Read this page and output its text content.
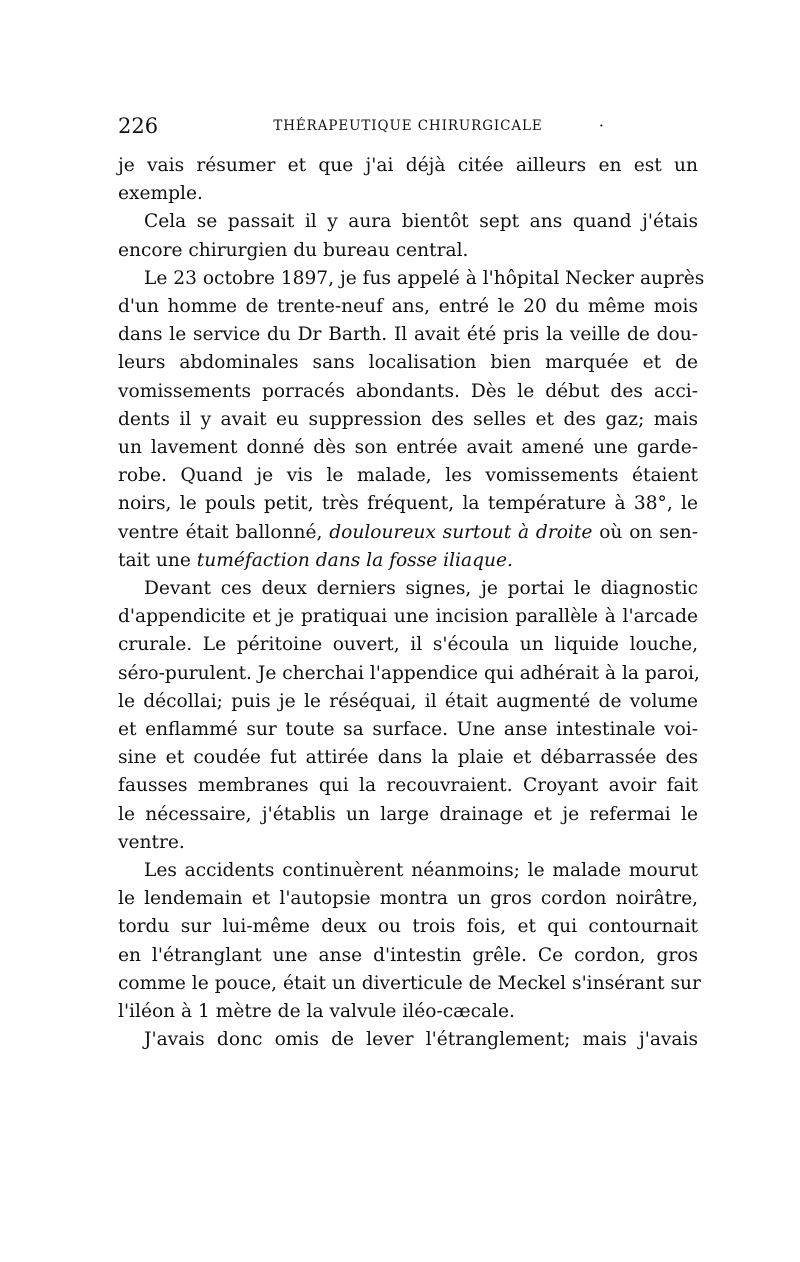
226	THÉRAPEUTIQUE CHIRURGICALE	·
je vais résumer et que j'ai déjà citée ailleurs en est un
exemple.
Cela se passait il y aura bientôt sept ans quand j'étais
encore chirurgien du bureau central.
Le 23 octobre 1897, je fus appelé à l'hôpital Necker auprès
d'un homme de trente-neuf ans, entré le 20 du même mois
dans le service du Dr Barth. Il avait été pris la veille de dou-
leurs abdominales sans localisation bien marquée et de
vomissements porracés abondants. Dès le début des acci-
dents il y avait eu suppression des selles et des gaz; mais
un lavement donné dès son entrée avait amené une garde-
robe. Quand je vis le malade, les vomissements étaient
noirs, le pouls petit, très fréquent, la température à 38°, le
ventre était ballonné, douloureux surtout à droite où on sen-
tait une tuméfaction dans la fosse iliaque.
Devant ces deux derniers signes, je portai le diagnostic
d'appendicite et je pratiquai une incision parallèle à l'arcade
crurale. Le péritoine ouvert, il s'écoula un liquide louche,
séro-purulent. Je cherchai l'appendice qui adhérait à la paroi,
le décollai; puis je le réséquai, il était augmenté de volume
et enflammé sur toute sa surface. Une anse intestinale voi-
sine et coudée fut attirée dans la plaie et débarrassée des
fausses membranes qui la recouvraient. Croyant avoir fait
le nécessaire, j'établis un large drainage et je refermai le
ventre.
Les accidents continuèrent néanmoins; le malade mourut
le lendemain et l'autopsie montra un gros cordon noirâtre,
tordu sur lui-même deux ou trois fois, et qui contournait
en l'étranglant une anse d'intestin grêle. Ce cordon, gros
comme le pouce, était un diverticule de Meckel s'insérant sur
l'iléon à 1 mètre de la valvule iléo-cæcale.
J'avais donc omis de lever l'étranglement; mais j'avais
